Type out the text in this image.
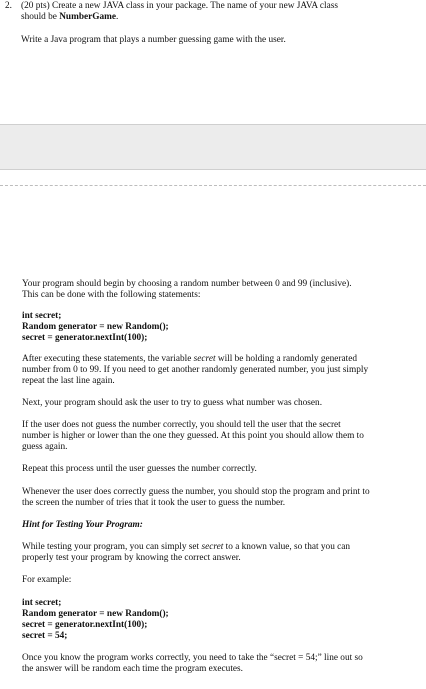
2. (20 pts) Create a new JAVA class in your package. The name of your new JAVA class
should be NumberGame.
Write a Java program that plays a number guessing game with the user.
Your program should begin by choosing a random number between 0 and 99 (inclusive).
This can be done with the following statements:
int secret;
Random generator = new Random();
secret = generator.nextInt(100);
After executing these statements, the variable secret will be holding a randomly generated
number from 0 to 99. If you need to get another randomly generated number, you just simply
repeat the last line again.
Next, your program should ask the user to try to guess what number was chosen.
If the user does not guess the number correctly, you should tell the user that the secret
number is higher or lower than the one they guessed. At this point you should allow them to
guess again.
Repeat this process until the user guesses the number correctly.
Whenever the user does correctly guess the number, you should stop the program and print to
the screen the number of tries that it took the user to guess the number.
Hint for Testing Your Program:
While testing your program, you can simply set secret to a known value, so that you can
properly test your program by knowing the correct answer.
For example:
int secret;
Random generator = new Random();
secret = generator.nextInt(100);
secret = 54;
Once you know the program works correctly, you need to take the “secret = 54;” line out so
the answer will be random each time the program executes.
